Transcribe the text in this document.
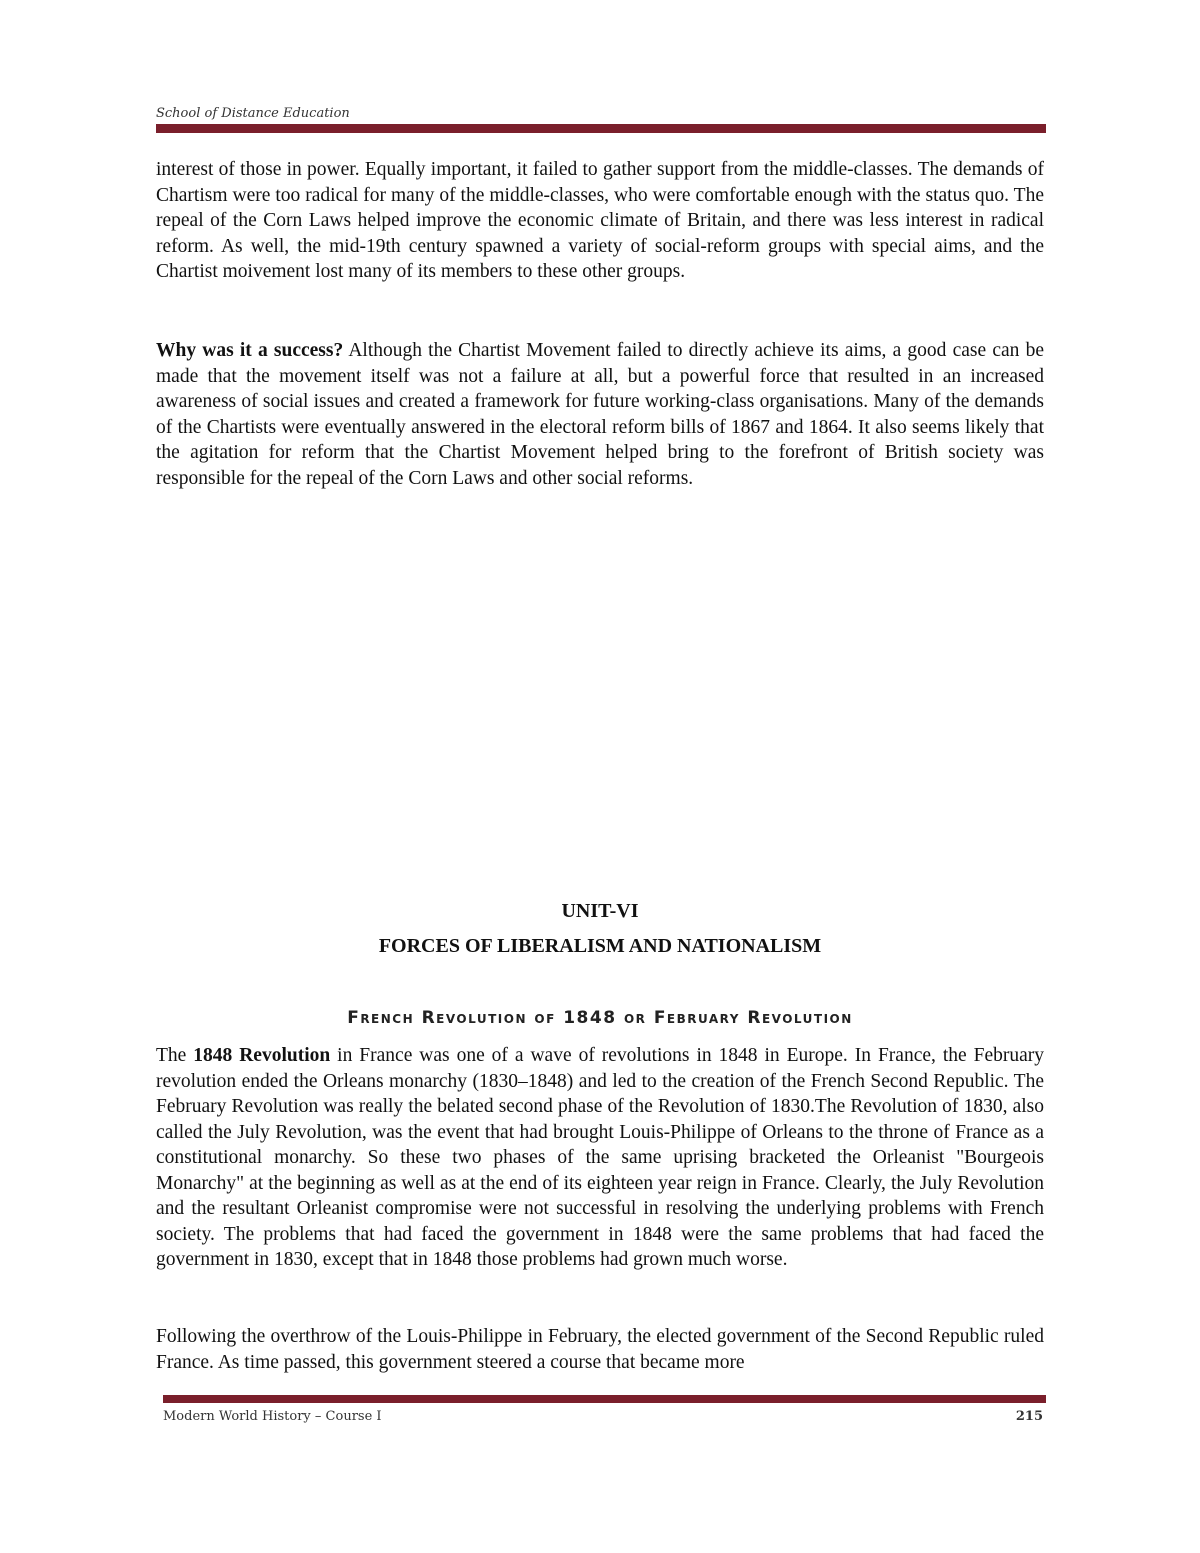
School of Distance Education

interest of those in power. Equally important, it failed to gather support from the middle-classes. The demands of Chartism were too radical for many of the middle-classes, who were comfortable enough with the status quo. The repeal of the Corn Laws helped improve the economic climate of Britain, and there was less interest in radical reform. As well, the mid-19th century spawned a variety of social-reform groups with special aims, and the Chartist moivement lost many of its members to these other groups.

Why was it a success? Although the Chartist Movement failed to directly achieve its aims, a good case can be made that the movement itself was not a failure at all, but a powerful force that resulted in an increased awareness of social issues and created a framework for future working-class organisations. Many of the demands of the Chartists were eventually answered in the electoral reform bills of 1867 and 1864. It also seems likely that the agitation for reform that the Chartist Movement helped bring to the forefront of British society was responsible for the repeal of the Corn Laws and other social reforms.

UNIT-VI
FORCES OF LIBERALISM AND NATIONALISM
French Revolution of 1848 or February Revolution

The 1848 Revolution in France was one of a wave of revolutions in 1848 in Europe. In France, the February revolution ended the Orleans monarchy (1830–1848) and led to the creation of the French Second Republic. The February Revolution was really the belated second phase of the Revolution of 1830.The Revolution of 1830, also called the July Revolution, was the event that had brought Louis-Philippe of Orleans to the throne of France as a constitutional monarchy. So these two phases of the same uprising bracketed the Orleanist "Bourgeois Monarchy" at the beginning as well as at the end of its eighteen year reign in France. Clearly, the July Revolution and the resultant Orleanist compromise were not successful in resolving the underlying problems with French society. The problems that had faced the government in 1848 were the same problems that had faced the government in 1830, except that in 1848 those problems had grown much worse.

Following the overthrow of the Louis-Philippe in February, the elected government of the Second Republic ruled France. As time passed, this government steered a course that became more

Modern World History – Course I	215
